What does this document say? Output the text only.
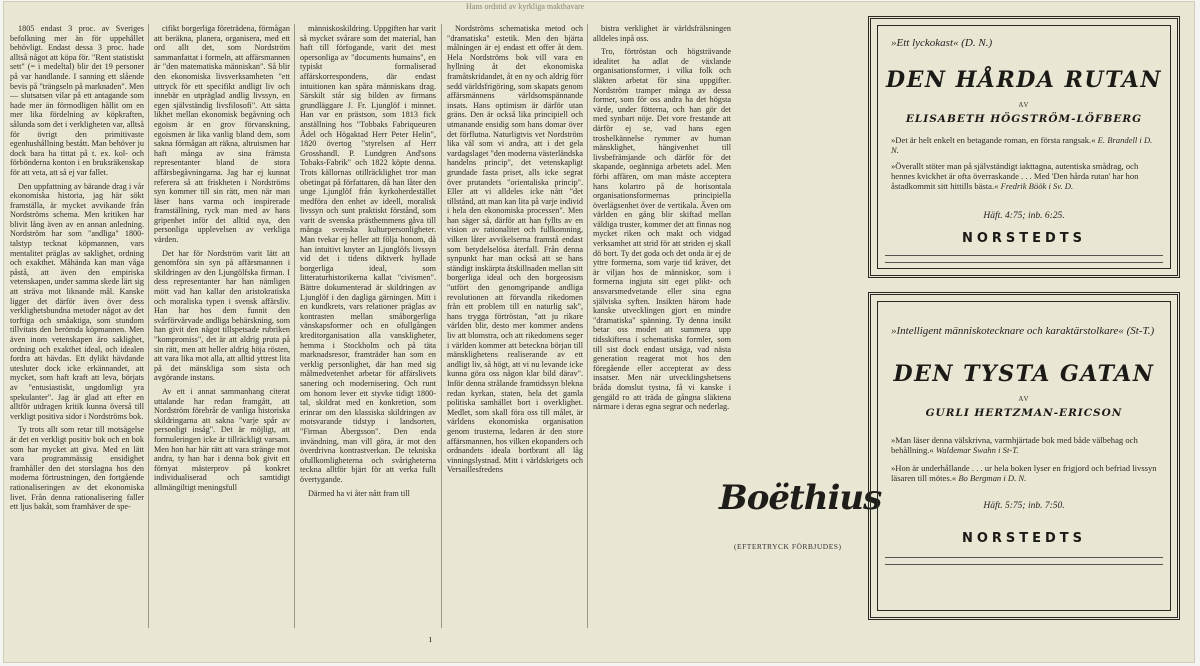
Hans ordstid av kyrkliga makthavare

1805 endast 3 proc. av Sveriges befolkning mer än för uppehållet behövligt. Endast dessa 3 proc. hade alltså något att köpa för. "Rent statistiskt sett" (= i medeltal) blir det 19 personer på var handlande. I sanning ett slående bevis på "trängseln på marknaden". Men — slutsatsen vilar på ett antagande som hade mer än förmodligen hållit om en mer lika fördelning av köpkraften, sålunda som det i verkligheten var, alltså för övrigt den primitivaste egenhushållning bestått. Man behöver ju dock bara ha tittat på t. ex. kol- och förbönderna konton i en bruksräkenskap för att veta, att så ej var fallet.

Den uppfattning av bärande drag i vår ekonomiska historia, jag här sökt framställa, är mycket avvikande från Nordströms schema. Men kritiken har blivit lång även av en annan anledning. Nordström har som "andliga" 1800-talstyp tecknat köpmannen, vars mentalitet präglas av saklighet, ordning och exakthet. Måhända kan man våga påstå, att även den empiriska vetenskapen, under samma skede lärt sig att sträva mot liknande mål. Kanske ligger det därför även över dess verklighetsbundna metoder något av det torftiga och småaktiga, som stundom tillvitats den berömda köpmannen. Men även inom vetenskapen äro saklighet, ordning och exakthet ideal, och idealen fordra att hävdas. Ett dylikt hävdande utesluter dock icke erkännandet, att mycket, som haft kraft att leva, börjats av "entusiastiskt, ungdomligt yra spekulanter". Jag är glad att efter en alltför utdragen kritik kunna överså till verkligt positiva sidor i Nordströms bok.

Ty trots allt som retar till motsägelse är det en verkligt positiv bok och en bok som har mycket att giva. Med en lätt vara programmässig ensidighet framhåller den det storslagna hos den moderna förtrustningen, den fortgående rationaliseringen av det ekonomiska livet. Från denna rationalisering faller ett ljus bakåt, som framhäver de spe-

cifikt borgerliga företrädena, förmågan att beräkna, planera, organisera, med ett ord allt det, som Nordström sammanfattat i formeln, att affärsmannen är "den matematiska människan". Så blir den ekonomiska livsverksamheten "ett uttryck för ett specifikt andligt liv och innebär en utpräglad andlig livssyn, en egen självständig livsfilosofi". Att sätta likhet mellan ekonomisk begåvning och egoism är en grov förvanskning, egoismen är lika vanlig bland dem, som sakna förmågan att räkna, altruismen har haft många av sina främsta representanter bland de stora affärsbegåvningarna. Jag har ej kunnat referera så att friskheten i Nordströms syn kommer till sin rätt, men när man läser hans varma och inspirerade framställning, ryck man med av hans gripenhet inför det alltid nya, den personliga upplevelsen av verkliga värden.

Det har för Nordström varit lätt att genomföra sin syn på affärsmannen i skildringen av den Ljungölfska firman. I dess representanter har han nämligen mött vad han kallar den aristokratiska och moraliska typen i svensk affärsliv. Han har hos dem funnit den svårförvärvade andliga behärskning, som han givit den något tillspetsade rubriken "kompromiss", det är att aldrig pruta på sin rätt, men att heller aldrig höja rösten, att vara lika mot alla, att alltid yttrest lita på det mänskliga som sista och avgörande instans.

Av ett i annat sammanhang citerat uttalande har redan framgått, att Nordström förebrår de vanliga historiska skildringarna att sakna "varje spår av personligt insåg". Det är möjligt, att formuleringen icke är tillräckligt varsam. Men hon har här rätt att vara stränge mot andra, ty han har i denna bok givit ett förnyat mästerprov på konkret individualiserad och samtidigt allmängiltigt meningsfull

människoskildring. Uppgiften har varit så mycket svårare som det material, han haft till förfogande, varit det mest opersonliga av "documents humains", en typiskt formaliserad affärskorrespondens, där endast intuitionen kan spåra människans drag. Särskilt står sig bilden av firmans grundläggare J. Fr. Ljunglöf i minnet. Han var en prästson, som 1813 fick anställning hos "Tobbaks Fabriqueuren Ädel och Högaktad Herr Peter Helin", 1820 övertog "styrelsen af Herr Grosshandl. P. Lundgren And'sons Tobaks-Fabrik" och 1822 köpte denna. Trots källornas otillräcklighet tror man obetingat på författaren, då han låter den unge Ljunglöf från kyrkoherdestället medföra den enhet av ideell, moralisk livssyn och sunt praktiskt förstånd, som varit de svenska prästhemmens gåva till många svenska kulturpersonligheter. Man tvekar ej heller att följa honom, då han intuitivt knyter an Ljunglöfs livssyn vid det i tidens diktverk hyllade borgerliga ideal, som litteraturhistorikerna kallat "civismen". Bättre dokumenterad är skildringen av Ljunglöf i den dagliga gärningen. Mitt i en kundkrets, vars relationer präglas av kontrasten mellan småborgerliga vänskapsformer och en ofullgången kreditorganisation alla vanskligheter, hemma i Stockholm och på täta marknadsresor, framträder han som en verklig personlighet, där han med sig målmedvetenhet arbetar för affärslivets sanering och modernisering. Och runt om honom lever ett styvke tidigt 1800-tal, skildrat med en konkretion, som erinrar om den klassiska skildringen av motsvarande tidstyp i landsorten, "Firman Åbergsson". Den enda invändning, man vill göra, är mot den överdrivna kontrastverkan. De tekniska ofullkomligheterna och svårigheterna teckna alltför bjärt för att verka fullt övertygande.

Därmed ha vi åter nått fram till

Nordströms schematiska metod och "dramatiska" estetik. Men den bjärta målningen är ej endast ett offer åt dem. Hela Nordströms bok vill vara en hyllning åt det ekonomiska framåtskridandet, åt en ny och aldrig förr sedd världsfrigöring, som skapats genom affärsmännens världsomspännande insats. Hans optimism är därför utan gräns. Den är också lika principiell och utmanande ensidig som hans domar över det förflutna. Naturligtvis vet Nordström lika väl som vi andra, att i det gela vardagslaget "den moderna västerländska handelns princip", det vetenskapligt grundade fasta priset, alls icke segrat över prutandets "orientaliska princip". Eller att vi alldeles icke nått "det tillstånd, att man kan lita på varje individ i hela den ekonomiska processen". Men han säger så, därför att han fyllts av en vision av rationalitet och fullkomning, vilken låter avvikelserna framstå endast som betydelselösa återfall. Från denna synpunkt har man också att se hans ständigt inskärpta åtskillnaden mellan sitt borgerliga ideal och den borgeosism "utfört den genomgripande andliga revolutionen att förvandla rikedomen från ett problem till en naturlig sak", hans trygga förtröstan, "att ju rikare världen blir, desto mer kommer andens liv att blomstra, och att rikedomens seger i världen kommer att betecknа början till mänsklighetens realiserande av ett andligt liv, så högt, att vi nu levande icke kunna göra oss någon klar bild därav". Inför denna strålande framtidssyn bleknа redan kyrkan, staten, hela det gamla politiska samhället bort i overklighet. Medlet, som skall föra oss till målet, är världens ekonomiska organisation genom trusterna, ledaren är den store affärsmannen, hos vilken ekopanders och ordnandets ideala bortbrant all låg vinningslystnad. Mitt i världskrigets och Versaillesfredens

bistra verklighet är världsfrälsningen alldeles inpå oss.

Tro, förtröstan och högsträvande idealitet ha adlat de växlande organisationsformer, i vilka folk och släkten arbetat för sina uppgifter. Nordström tramper många av dessa former, som för oss andra ha det högsta värde, under fötterna, och han gör det med synbart nöje. Det vore frestande att därför ej se, vad hans egen troshelkännelse rymmer av human mänsklighet, hängivenhet till livsbefrämjande och därför för det skapande, oegänniga arbetets adel. Men förbi affären, om man måste acceptera hans kolartro på de horisontala organisationsformernas principiella överlägsenhet över de vertikala. Även om världen en gång blir skiftad mellan väldiga truster, kommer det att finnas nog mycket riken och makt och vidgad verksamhet att strid för att striden ej skall dö bort. Ty det goda och det onda är ej de yttre formerna, som varje tid kräver, det är viljan hos de människor, som i formerna ingjuta sitt eget plikt- och ansvarsmedvetande eller sina egna själviska syften. Insikten härom hade kanske utvecklingen gjort en mindre "dramatiska" spänning. Ty denna insikt betar oss modet att summera upp tidsskiftena i schematiska formler, som till sist dock endast utsägа, vad nästa generation reagerat mot hos den föregående eller accepterat av dess insatser. Men när utvecklingshetsens bråda domslut tystna, få vi kanske i gengäld ro att träda de gångna släktena närmare i deras egna segrar och nederlag.

Boëthius
(EFTERTRYCK FÖRBJUDES)
»Ett lyckokast« (D. N.)
DEN HÅRDA RUTAN
AV
ELISABETH HÖGSTRÖM-LÖFBERG
»Det är helt enkelt en betagande roman, en första rangsak.« E. Brandell i D. N.
»Överallt stöter man på självständigt iakttagna, autentiska smådrag, och hennes kvickhet är ofta överraskande . . . Med 'Den hårda rutan' har hon åstadkommit sitt hittills bästa.« Fredrik Böök i Sv. D.
Häft. 4:75; inb. 6:25.
NORSTEDTS
»Intelligent människotecknare och karaktärstolkare« (St-T.)
DEN TYSTA GATAN
AV
GURLI HERTZMAN-ERICSON
»Man läser denna välskrivna, varmhjärtade bok med både välbehag och behållning.« Waldemar Swahn i St-T.
»Hon är underhållande . . . ur hela boken lyser en frigjord och befriad livssyn läsaren till mötes.« Bo Bergman i D. N.
Häft. 5:75; inb. 7:50.
NORSTEDTS
ı
